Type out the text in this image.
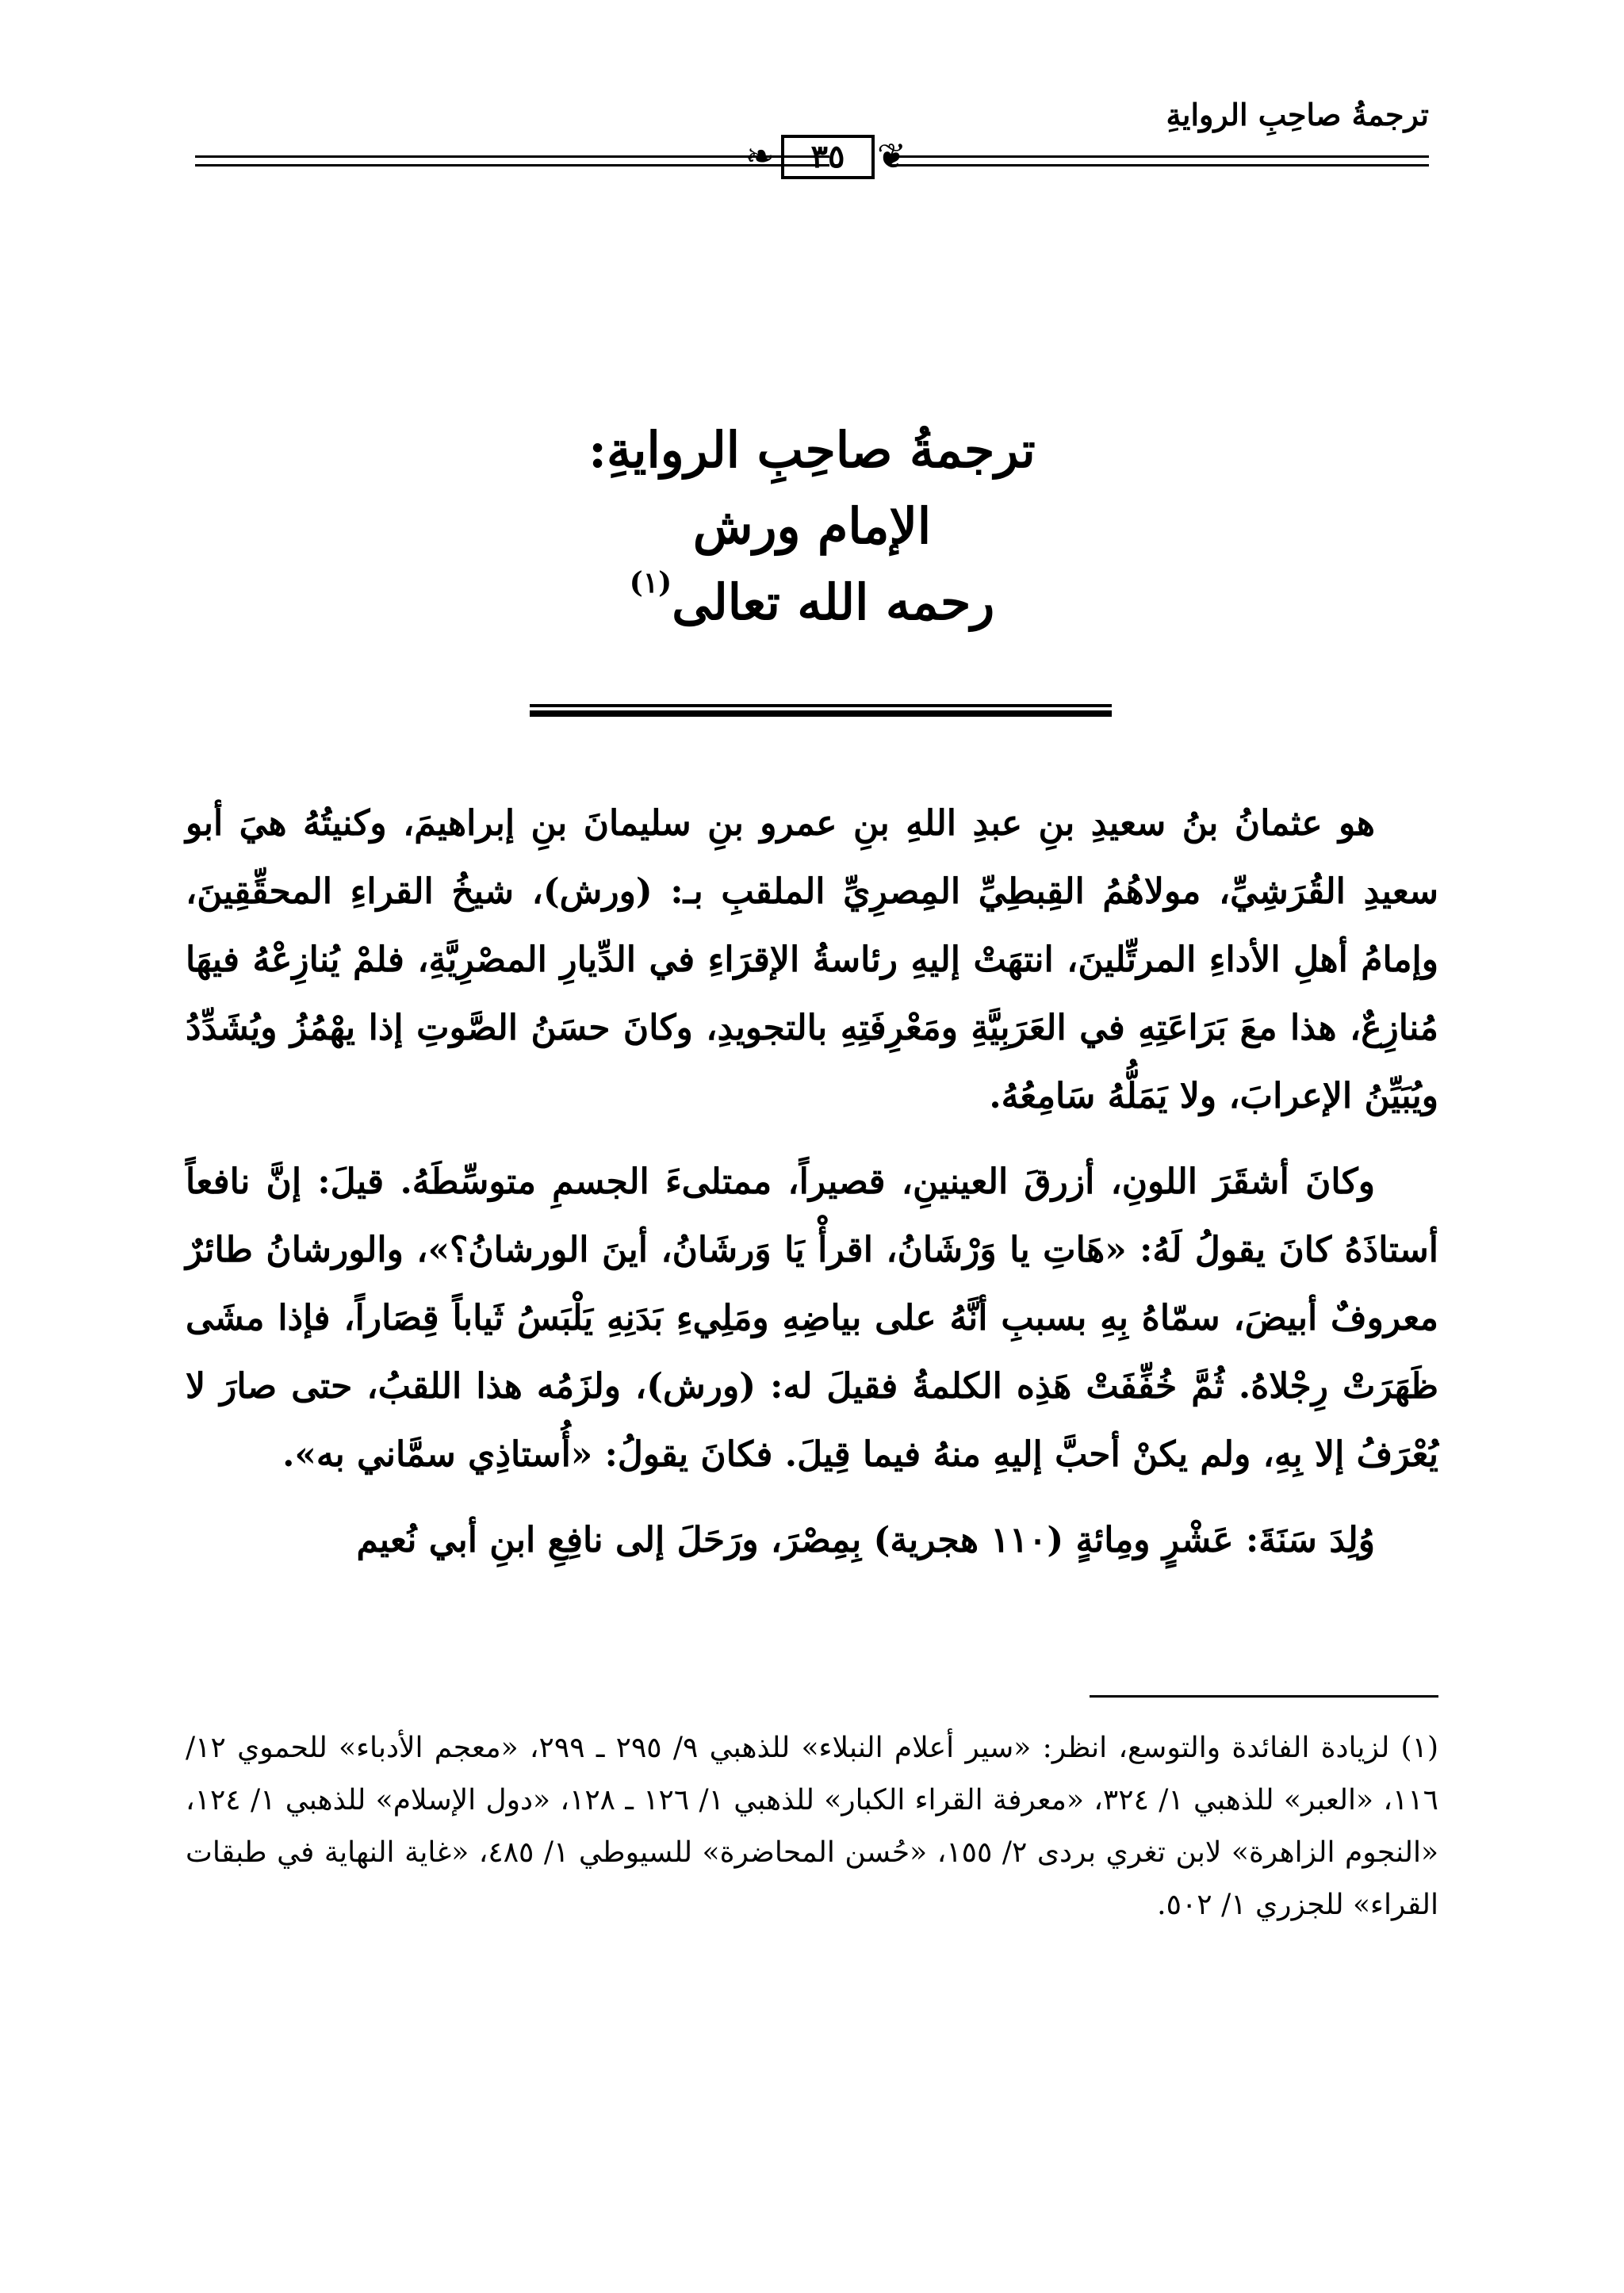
ترجمةُ صاحِبِ الروايةِ
❦
٣٥
❧
ترجمةُ صاحِبِ الروايةِ:
الإمام ورش
رحمه الله تعالى$^{(١)}$

هو عثمانُ بنُ سعيدِ بنِ عبدِ اللهِ بنِ عمرو بنِ سليمانَ بنِ إبراهيمَ، وكنيتُهُ هيَ أبو سعيدِ القُرَشِيِّ، مولاهُمُ القِبطِيِّ المِصرِيِّ الملقبِ بـ: (ورش)، شيخُ القراءِ المحقِّقِينَ، وإمامُ أهلِ الأداءِ المرتِّلينَ، انتهَتْ إليهِ رئاسةُ الإقرَاءِ في الدِّيارِ المصْرِيَّةِ، فلمْ يُنازِعْهُ فيهَا مُنازِعٌ، هذا معَ بَرَاعَتِهِ في العَرَبِيَّةِ ومَعْرِفَتِهِ بالتجويدِ، وكانَ حسَنُ الصَّوتِ إذا يهْمُزُ ويُشَدِّدُ ويُبَيِّنُ الإعرابَ، ولا يَمَلُّهُ سَامِعُهُ.

وكانَ أشقَرَ اللونِ، أزرقَ العينينِ، قصيراً، ممتلىءَ الجسمِ متوسِّطَهُ. قيلَ: إنَّ نافعاً أستاذَهُ كانَ يقولُ لَهُ: «هَاتِ يا وَرْشَانُ، اقرأْ يَا وَرشَانُ، أينَ الورشانُ؟»، والورشانُ طائرٌ معروفٌ أبيضَ، سمّاهُ بِهِ بسببِ أنَّهُ على بياضِهِ ومَلِيءِ بَدَنِهِ يَلْبَسُ ثَياباً قِصَاراً، فإذا مشَى ظَهَرَتْ رِجْلاهُ. ثُمَّ خُفِّفَتْ هَذِه الكلمةُ فقيلَ له: (ورش)، ولزَمُه هذا اللقبُ، حتى صارَ لا يُعْرَفُ إلا بِهِ، ولم يكنْ أحبَّ إليهِ منهُ فيما قِيلَ. فكانَ يقولُ: «أُستاذِي سمَّاني به».

وُلِدَ سَنَةَ: عَشْرٍ ومِائةٍ (١١٠ هجرية) بِمِصْرَ، ورَحَلَ إلى نافِعِ ابنِ أبي نُعيم

(١) لزيادة الفائدة والتوسع، انظر: «سير أعلام النبلاء» للذهبي ٩/ ٢٩٥ ـ ٢٩٩، «معجم الأدباء» للحموي ١٢/ ١١٦، «العبر» للذهبي ١/ ٣٢٤، «معرفة القراء الكبار» للذهبي ١/ ١٢٦ ـ ١٢٨، «دول الإسلام» للذهبي ١/ ١٢٤، «النجوم الزاهرة» لابن تغري بردى ٢/ ١٥٥، «حُسن المحاضرة» للسيوطي ١/ ٤٨٥، «غاية النهاية في طبقات القراء» للجزري ١/ ٥٠٢.
